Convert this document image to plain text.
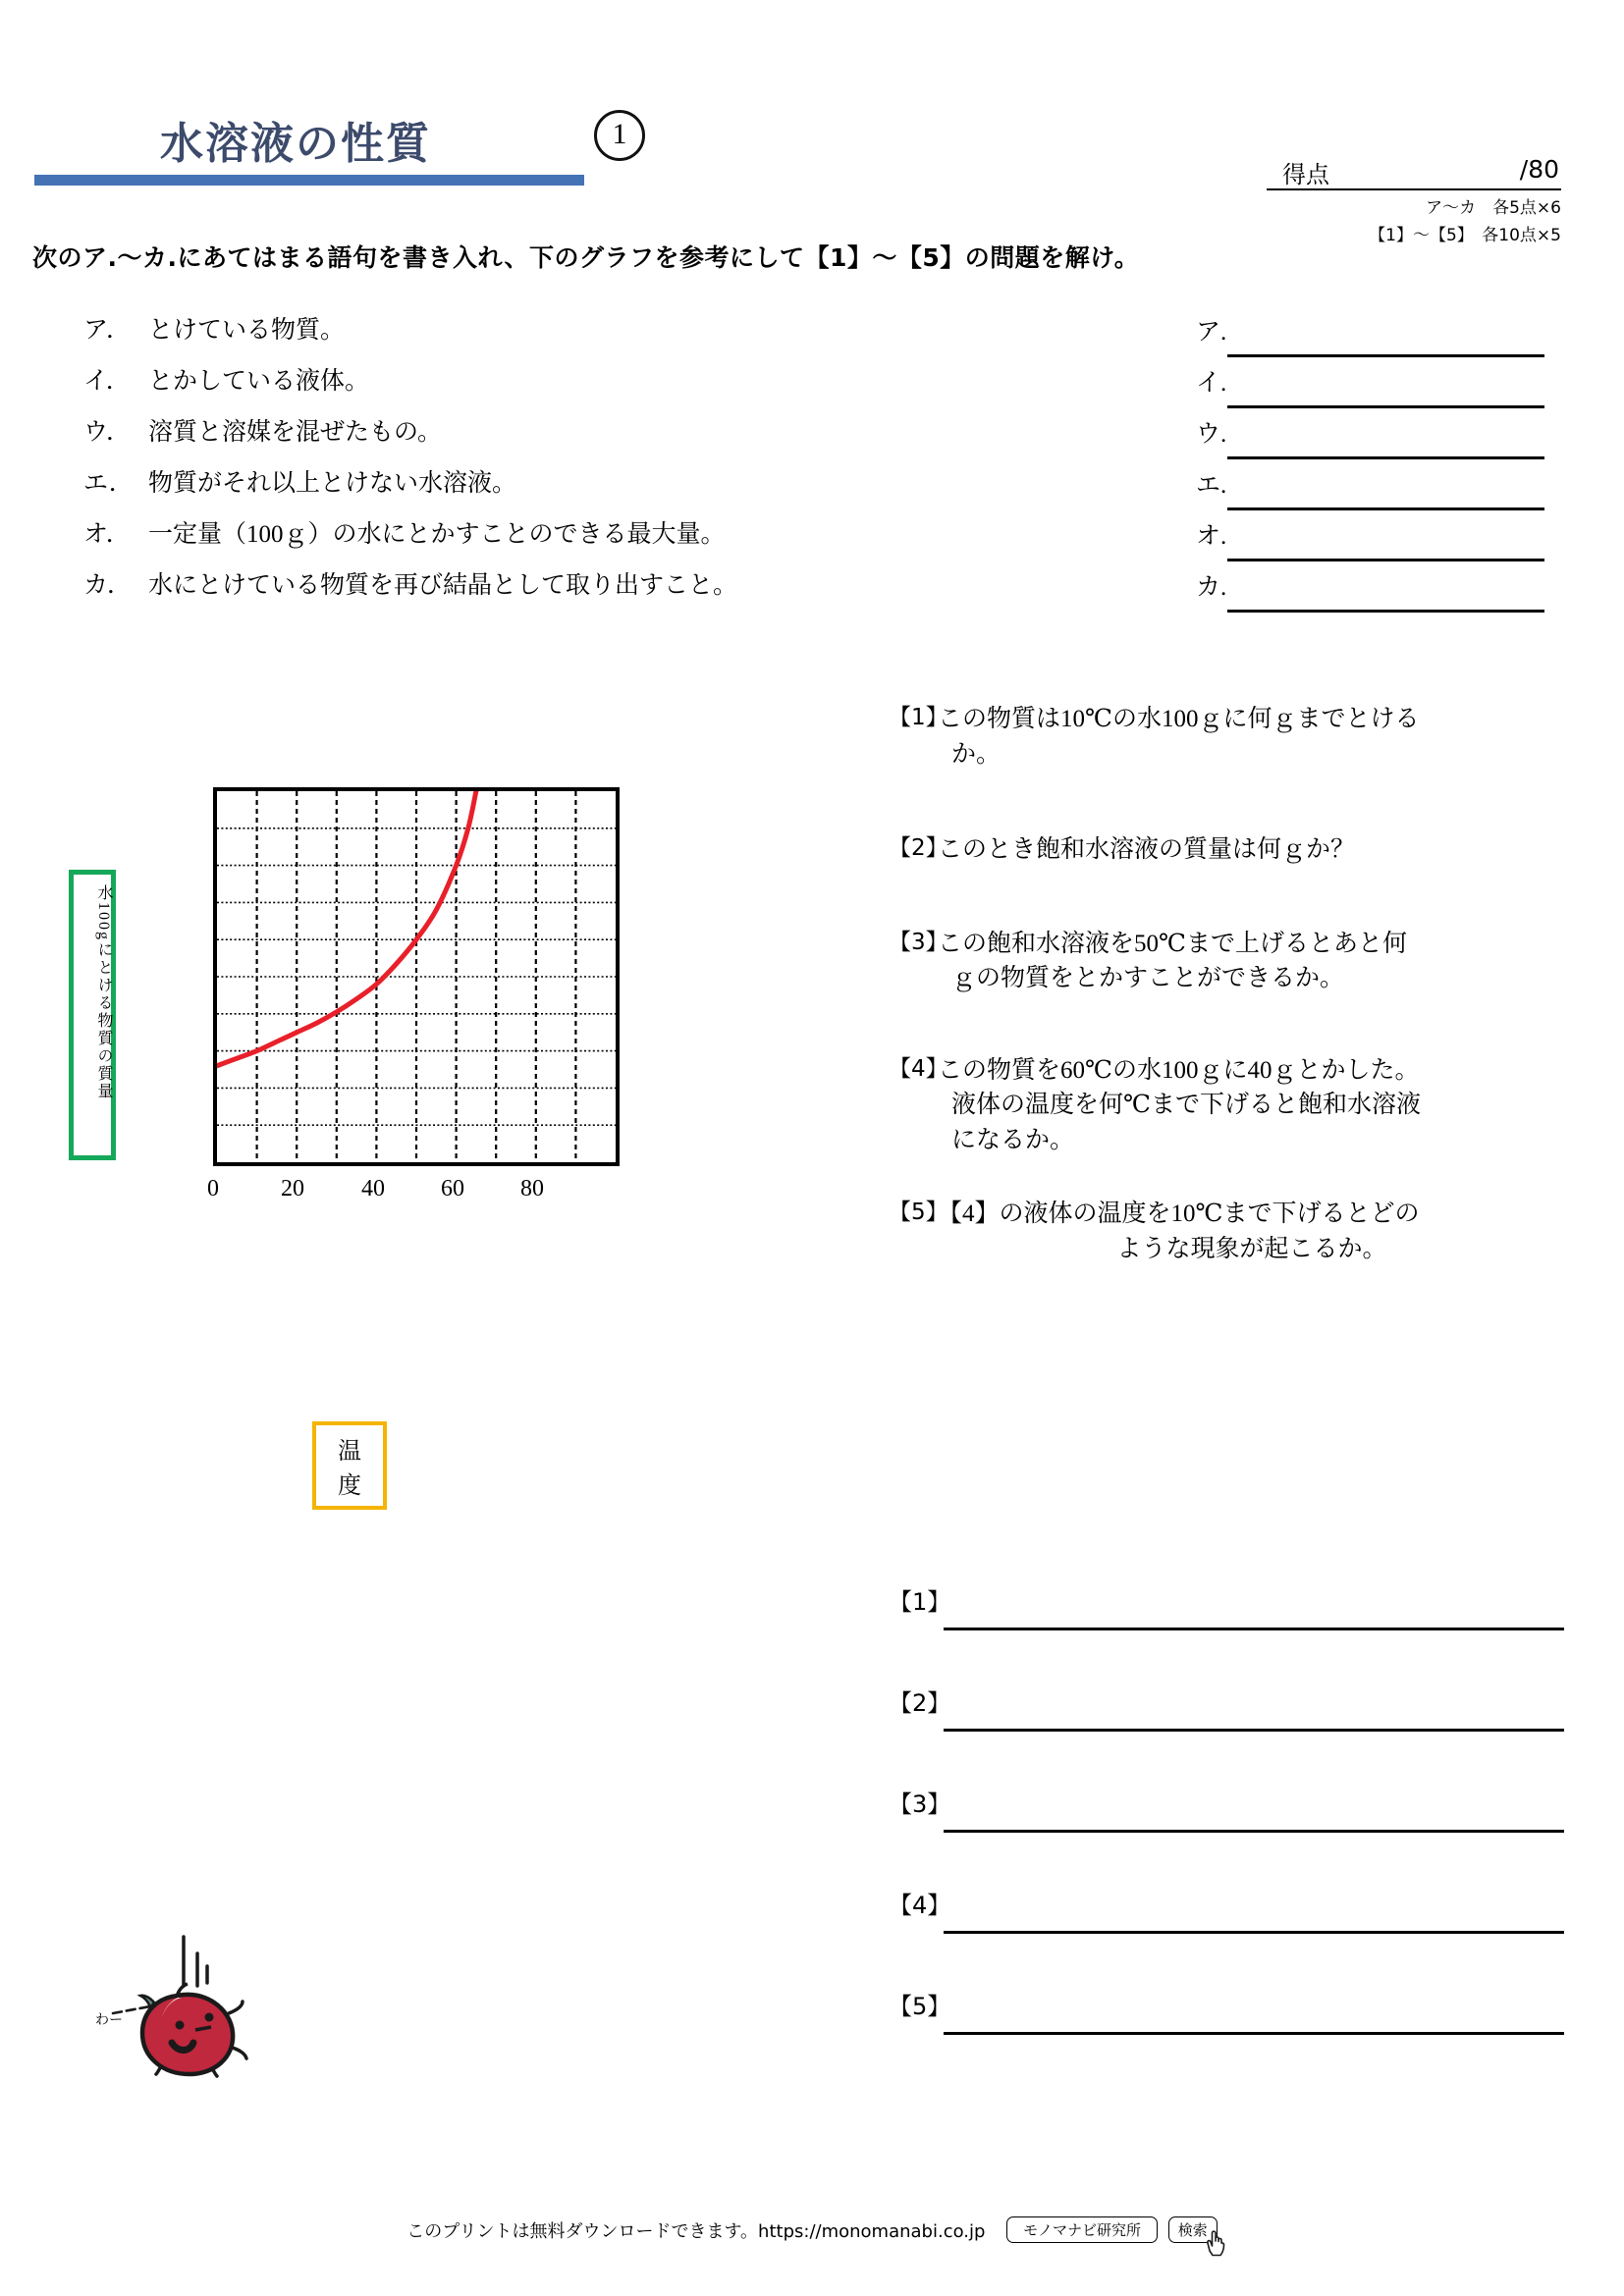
水溶液の性質	1
得点	/80
ア～カ　各5点×6
【1】～【5】　各10点×5
次のア.～カ.にあてはまる語句を書き入れ、下のグラフを参考にして【1】～【5】の問題を解け。
ア． とけている物質。
イ． とかしている液体。
ウ． 溶質と溶媒を混ぜたもの。
エ． 物質がそれ以上とけない水溶液。
オ． 一定量（100ｇ）の水にとかすことのできる最大量。
カ． 水にとけている物質を再び結晶として取り出すこと。
ア.
イ.
ウ.
エ.
オ.
カ.
【1】
この物質は10℃の水100ｇに何ｇまでとける
か。
【2】
このとき飽和水溶液の質量は何ｇか？
【3】
この飽和水溶液を50℃まで上げるとあと何
ｇの物質をとかすことができるか。
【4】
この物質を60℃の水100ｇに40ｇとかした。
液体の温度を何℃まで下げると飽和水溶液
になるか。
【5】
【4】の液体の温度を10℃まで下げるとどの
ような現象が起こるか。
【1】
【2】
【3】
【4】
【5】
水100gにとける物質の質量
0	20	40	60	80
温度
わー
このプリントは無料ダウンロードできます。https://monomanabi.co.jp	モノマナビ研究所	検索
